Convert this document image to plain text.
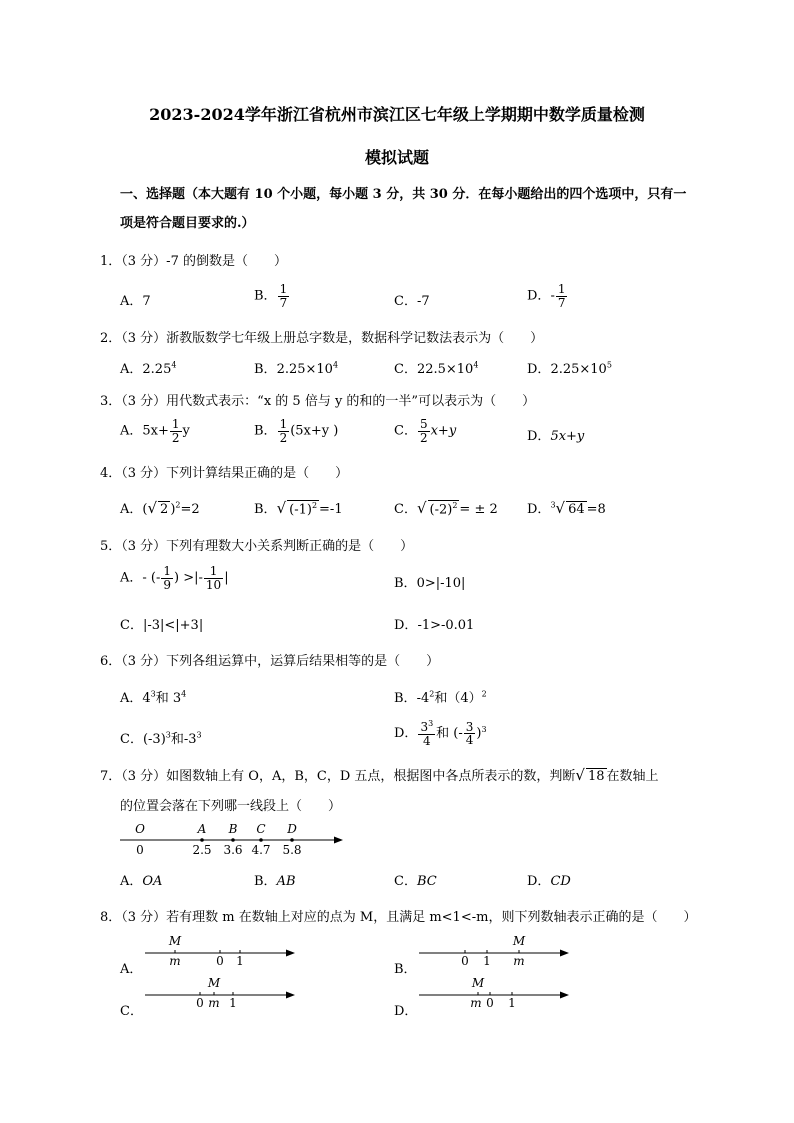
2023-2024学年浙江省杭州市滨江区七年级上学期期中数学质量检测
模拟试题
一、选择题（本大题有 10 个小题，每小题 3 分，共 30 分．在每小题给出的四个选项中，只有一
项是符合题目要求的.）
1．（3 分）-7 的倒数是（　　）
A．7	B． $\frac{1}{7}$	C．-7	D．- $\frac{1}{7}$
2．（3 分）浙教版数学七年级上册总字数是，数据科学记数法表示为（　　）
A．2.25$^4$	B．$2.25\times 10^4$	C．$22.5\times 10^4$	D．$2.25\times 10^5$
3．（3 分）用代数式表示：“x 的 5 倍与 y 的和的一半”可以表示为（　　）
A．$5x+ \frac{1}{2}$ y	B． $\frac{1}{2} (5x+y$ )	C． $\frac{5}{2} x+y$	D．5x+y
4．（3 分）下列计算结果正确的是（　　）
A．(√ 2 )$^2$=2	B．√ $(-1)^2 =-1$	C．√ $(-2)^2$ = ± 2 D．$^3$√ 64 =8
5．（3 分）下列有理数大小关系判断正确的是（　　）
A．- (- $\frac{1}{9}$ ) >|- $\frac{1}{10}$ |	B．0>|-10|
C．|-3|<|+3|	D．-1>-0.01
6．（3 分）下列各组运算中，运算后结果相等的是（　　）
A．$4^3$和 $3^4$	B．$-4^2$和$(4)^2$
C．$(-3)^3$和$-3^3$	D． $\frac{3^3}{4}$ 和 (- $\frac{3}{4} )^3$
7．（3 分）如图数轴上有 O，A，B，C，D 五点，根据图中各点所表示的数，判断√ 18 在数轴上
的位置会落在下列哪一线段上（　　）
O
0
A
2.5
B
3.6
C
4.7
D
5.8
A．OA	B．AB	C．BC	D．CD
8．（3 分）若有理数 m 在数轴上对应的点为 M，且满足 m<1<-m，则下列数轴表示正确的是（　　）
A．
M
m	0 1
B．
M
0 1 m
C．
M
0 m 1
D．
M
m 0 1
